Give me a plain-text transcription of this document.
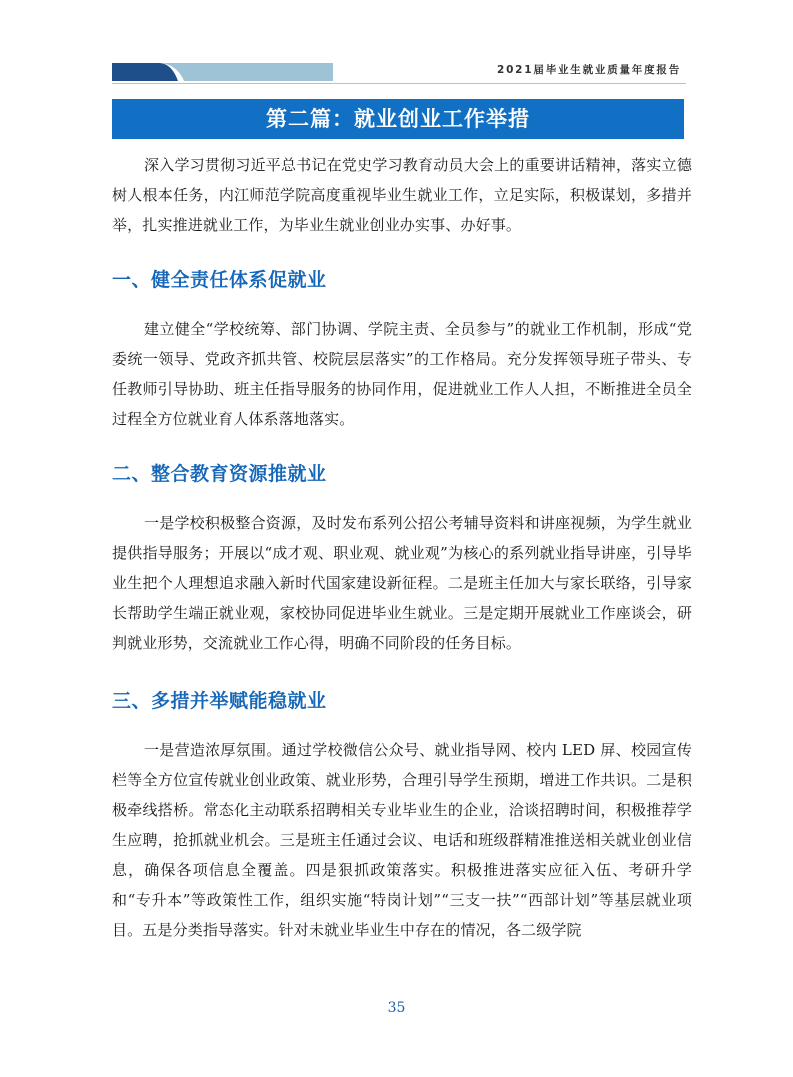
2021届毕业生就业质量年度报告
第二篇：就业创业工作举措

深入学习贯彻习近平总书记在党史学习教育动员大会上的重要讲话精神，落实立德树人根本任务，内江师范学院高度重视毕业生就业工作，立足实际，积极谋划，多措并举，扎实推进就业工作，为毕业生就业创业办实事、办好事。

一、健全责任体系促就业

建立健全“学校统筹、部门协调、学院主责、全员参与”的就业工作机制，形成“党委统一领导、党政齐抓共管、校院层层落实”的工作格局。充分发挥领导班子带头、专任教师引导协助、班主任指导服务的协同作用，促进就业工作人人担，不断推进全员全过程全方位就业育人体系落地落实。

二、整合教育资源推就业

一是学校积极整合资源，及时发布系列公招公考辅导资料和讲座视频，为学生就业提供指导服务；开展以“成才观、职业观、就业观”为核心的系列就业指导讲座，引导毕业生把个人理想追求融入新时代国家建设新征程。二是班主任加大与家长联络，引导家长帮助学生端正就业观，家校协同促进毕业生就业。三是定期开展就业工作座谈会，研判就业形势，交流就业工作心得，明确不同阶段的任务目标。

三、多措并举赋能稳就业

一是营造浓厚氛围。通过学校微信公众号、就业指导网、校内 LED 屏、校园宣传栏等全方位宣传就业创业政策、就业形势，合理引导学生预期，增进工作共识。二是积极牵线搭桥。常态化主动联系招聘相关专业毕业生的企业，洽谈招聘时间，积极推荐学生应聘，抢抓就业机会。三是班主任通过会议、电话和班级群精准推送相关就业创业信息，确保各项信息全覆盖。四是狠抓政策落实。积极推进落实应征入伍、考研升学和“专升本”等政策性工作，组织实施“特岗计划”“三支一扶”“西部计划”等基层就业项目。五是分类指导落实。针对未就业毕业生中存在的情况，各二级学院

35
